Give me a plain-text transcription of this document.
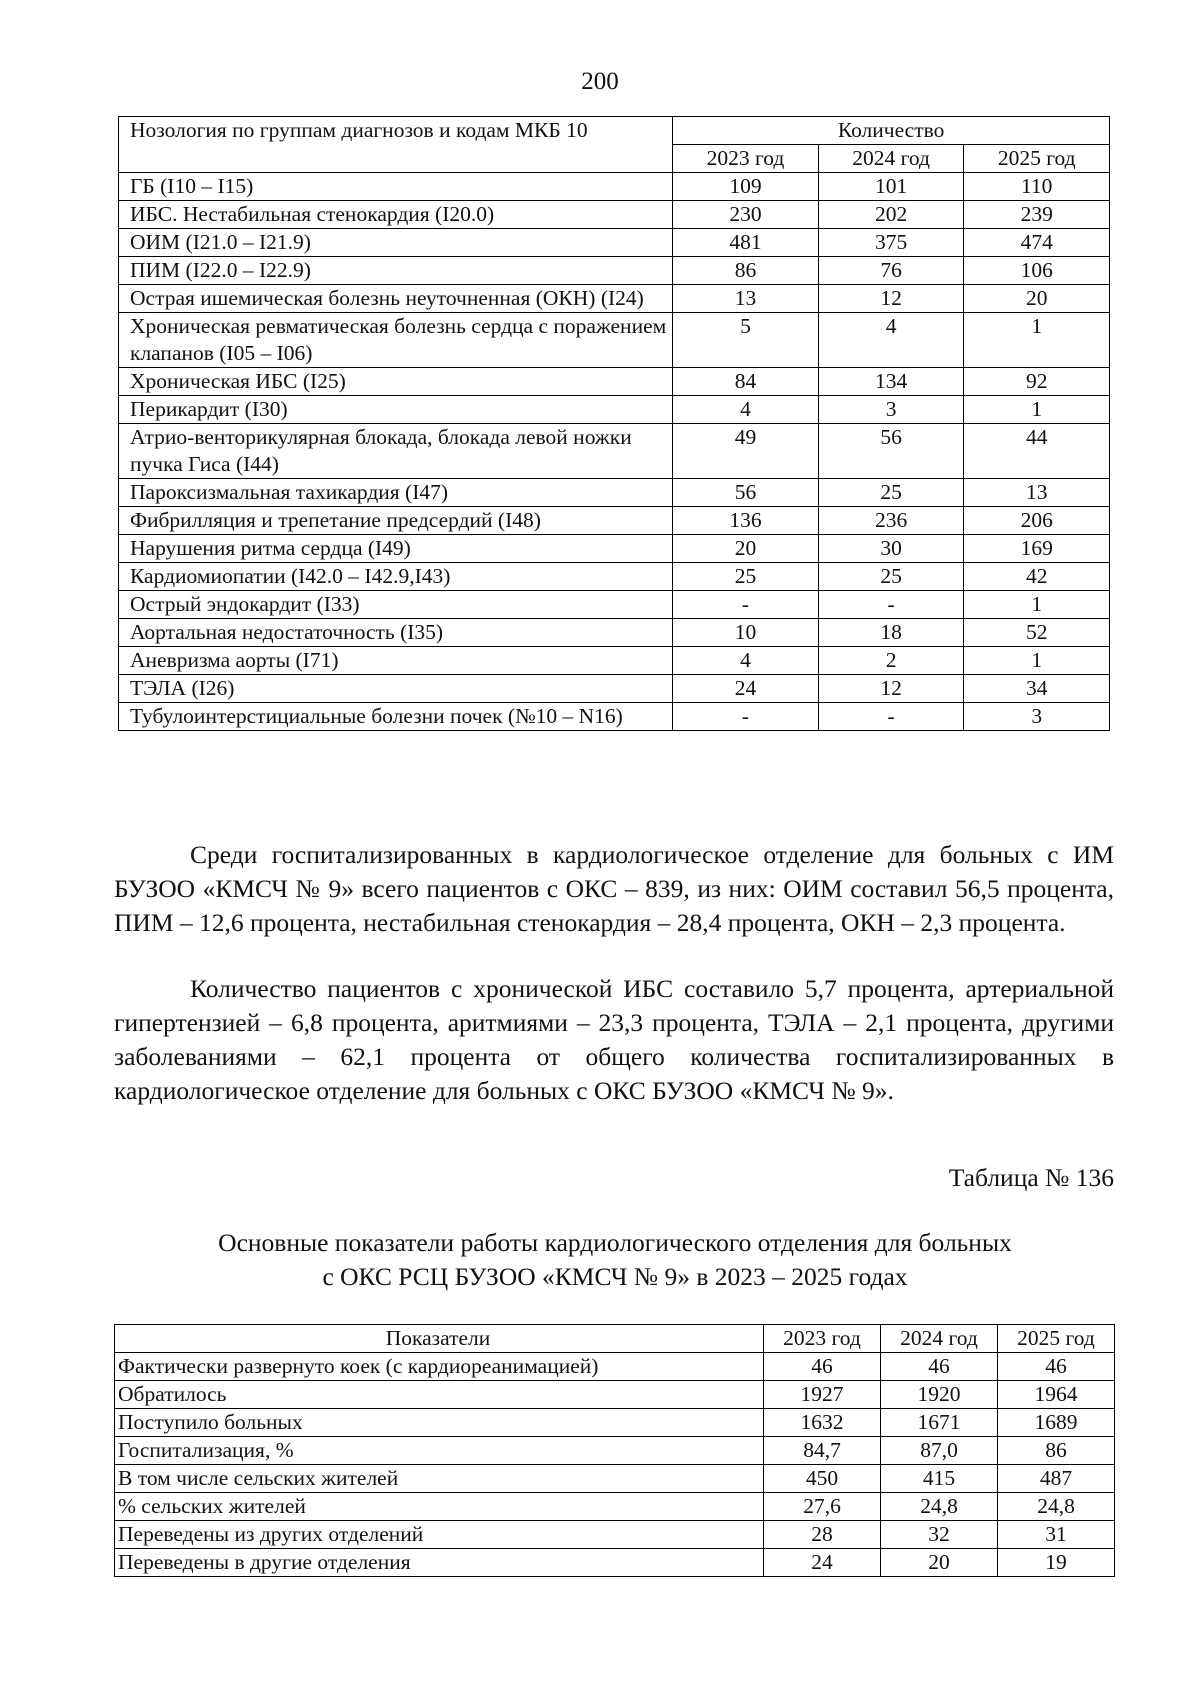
200
Нозология по группам диагнозов и кодам МКБ 10	Количество		
	2023 год	2024 год	2025 год
ГБ (I10 – I15)	109	101	110
ИБС. Нестабильная стенокардия (I20.0)	230	202	239
ОИМ (I21.0 – I21.9)	481	375	474
ПИМ (I22.0 – I22.9)	86	76	106
Острая ишемическая болезнь неуточненная (ОКН) (I24)	13	12	20
Хроническая ревматическая болезнь сердца с поражением клапанов (I05 – I06)	5	4	1
Хроническая ИБС (I25)	84	134	92
Перикардит (I30)	4	3	1
Атрио-венторикулярная блокада, блокада левой ножки пучка Гиса (I44)	49	56	44
Пароксизмальная тахикардия (I47)	56	25	13
Фибрилляция и трепетание предсердий (I48)	136	236	206
Нарушения ритма сердца (I49)	20	30	169
Кардиомиопатии (I42.0 – I42.9,I43)	25	25	42
Острый эндокардит (I33)	-	-	1
Аортальная недостаточность (I35)	10	18	52
Аневризма аорты (I71)	4	2	1
ТЭЛА (I26)	24	12	34
Тубулоинтерстициальные болезни почек (№10 – N16)	-	-	3

Среди госпитализированных в кардиологическое отделение для больных с ИМ БУЗОО «КМСЧ № 9» всего пациентов с ОКС – 839, из них: ОИМ составил 56,5 процента, ПИМ – 12,6 процента, нестабильная стенокардия – 28,4 процента, ОКН – 2,3 процента.

Количество пациентов с хронической ИБС составило 5,7 процента, артериальной гипертензией – 6,8 процента, аритмиями – 23,3 процента, ТЭЛА – 2,1 процента, другими заболеваниями – 62,1 процента от общего количества госпитализированных в кардиологическое отделение для больных с ОКС БУЗОО «КМСЧ № 9».

Таблица № 136
Основные показатели работы кардиологического отделения для больных
с ОКС РСЦ БУЗОО «КМСЧ № 9» в 2023 – 2025 годах
Показатели	2023 год	2024 год	2025 год
Фактически развернуто коек (с кардиореанимацией)	46	46	46
Обратилось	1927	1920	1964
Поступило больных	1632	1671	1689
Госпитализация, %	84,7	87,0	86
В том числе сельских жителей	450	415	487
% сельских жителей	27,6	24,8	24,8
Переведены из других отделений	28	32	31
Переведены в другие отделения	24	20	19
